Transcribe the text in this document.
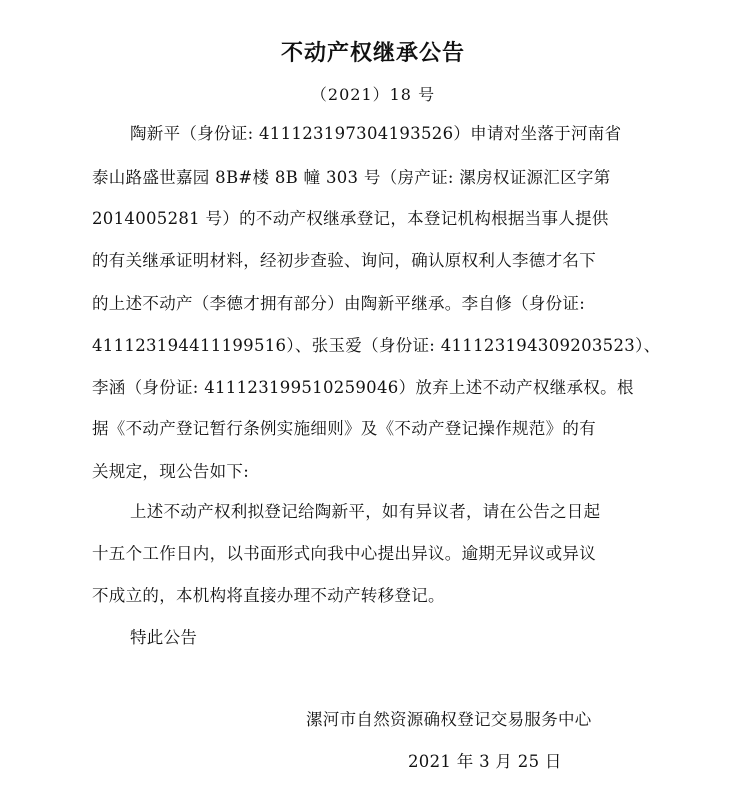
不动产权继承公告
（2021）18 号
陶新平（身份证: 411123197304193526）申请对坐落于河南省
泰山路盛世嘉园 8B#楼 8B 幢 303 号（房产证: 漯房权证源汇区字第
2014005281 号）的不动产权继承登记，本登记机构根据当事人提供
的有关继承证明材料，经初步查验、询问，确认原权利人李德才名下
的上述不动产（李德才拥有部分）由陶新平继承。李自修（身份证:
411123194411199516）、张玉爱（身份证: 411123194309203523）、
李涵（身份证: 411123199510259046）放弃上述不动产权继承权。根
据《不动产登记暂行条例实施细则》及《不动产登记操作规范》的有
关规定，现公告如下:
上述不动产权利拟登记给陶新平，如有异议者，请在公告之日起
十五个工作日内，以书面形式向我中心提出异议。逾期无异议或异议
不成立的，本机构将直接办理不动产转移登记。
特此公告
漯河市自然资源确权登记交易服务中心
2021 年 3 月 25 日
